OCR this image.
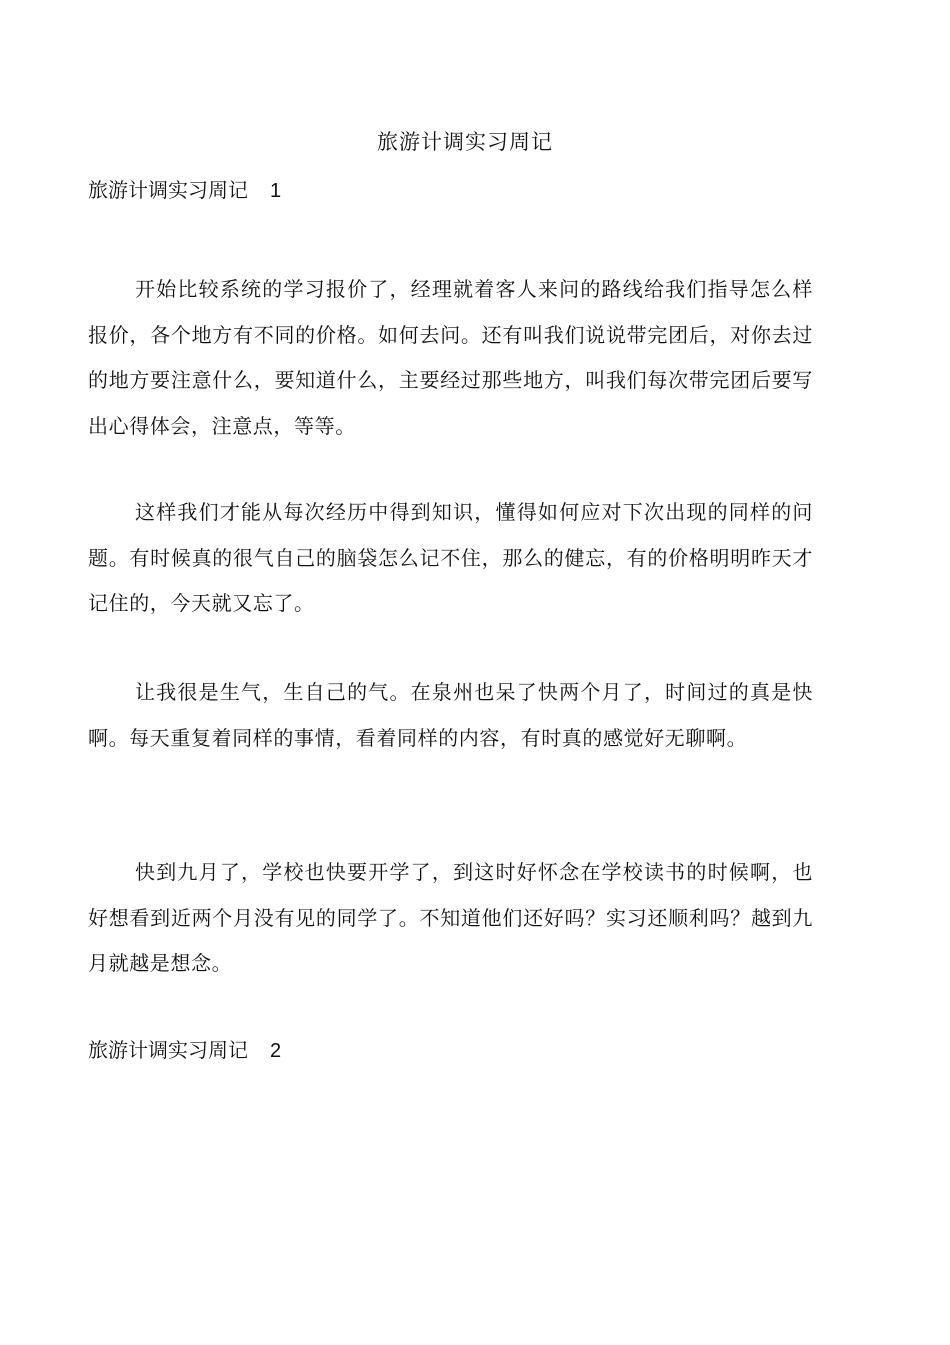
旅游计调实习周记
旅游计调实习周记 1

开始比较系统的学习报价了，经理就着客人来问的路线给我们指导怎么样报价，各个地方有不同的价格。如何去问。还有叫我们说说带完团后，对你去过的地方要注意什么，要知道什么，主要经过那些地方，叫我们每次带完团后要写出心得体会，注意点，等等。

这样我们才能从每次经历中得到知识，懂得如何应对下次出现的同样的问题。有时候真的很气自己的脑袋怎么记不住，那么的健忘，有的价格明明昨天才记住的，今天就又忘了。

让我很是生气，生自己的气。在泉州也呆了快两个月了，时间过的真是快啊。每天重复着同样的事情，看着同样的内容，有时真的感觉好无聊啊。

快到九月了，学校也快要开学了，到这时好怀念在学校读书的时候啊，也好想看到近两个月没有见的同学了。不知道他们还好吗？实习还顺利吗？越到九月就越是想念。

旅游计调实习周记 2
